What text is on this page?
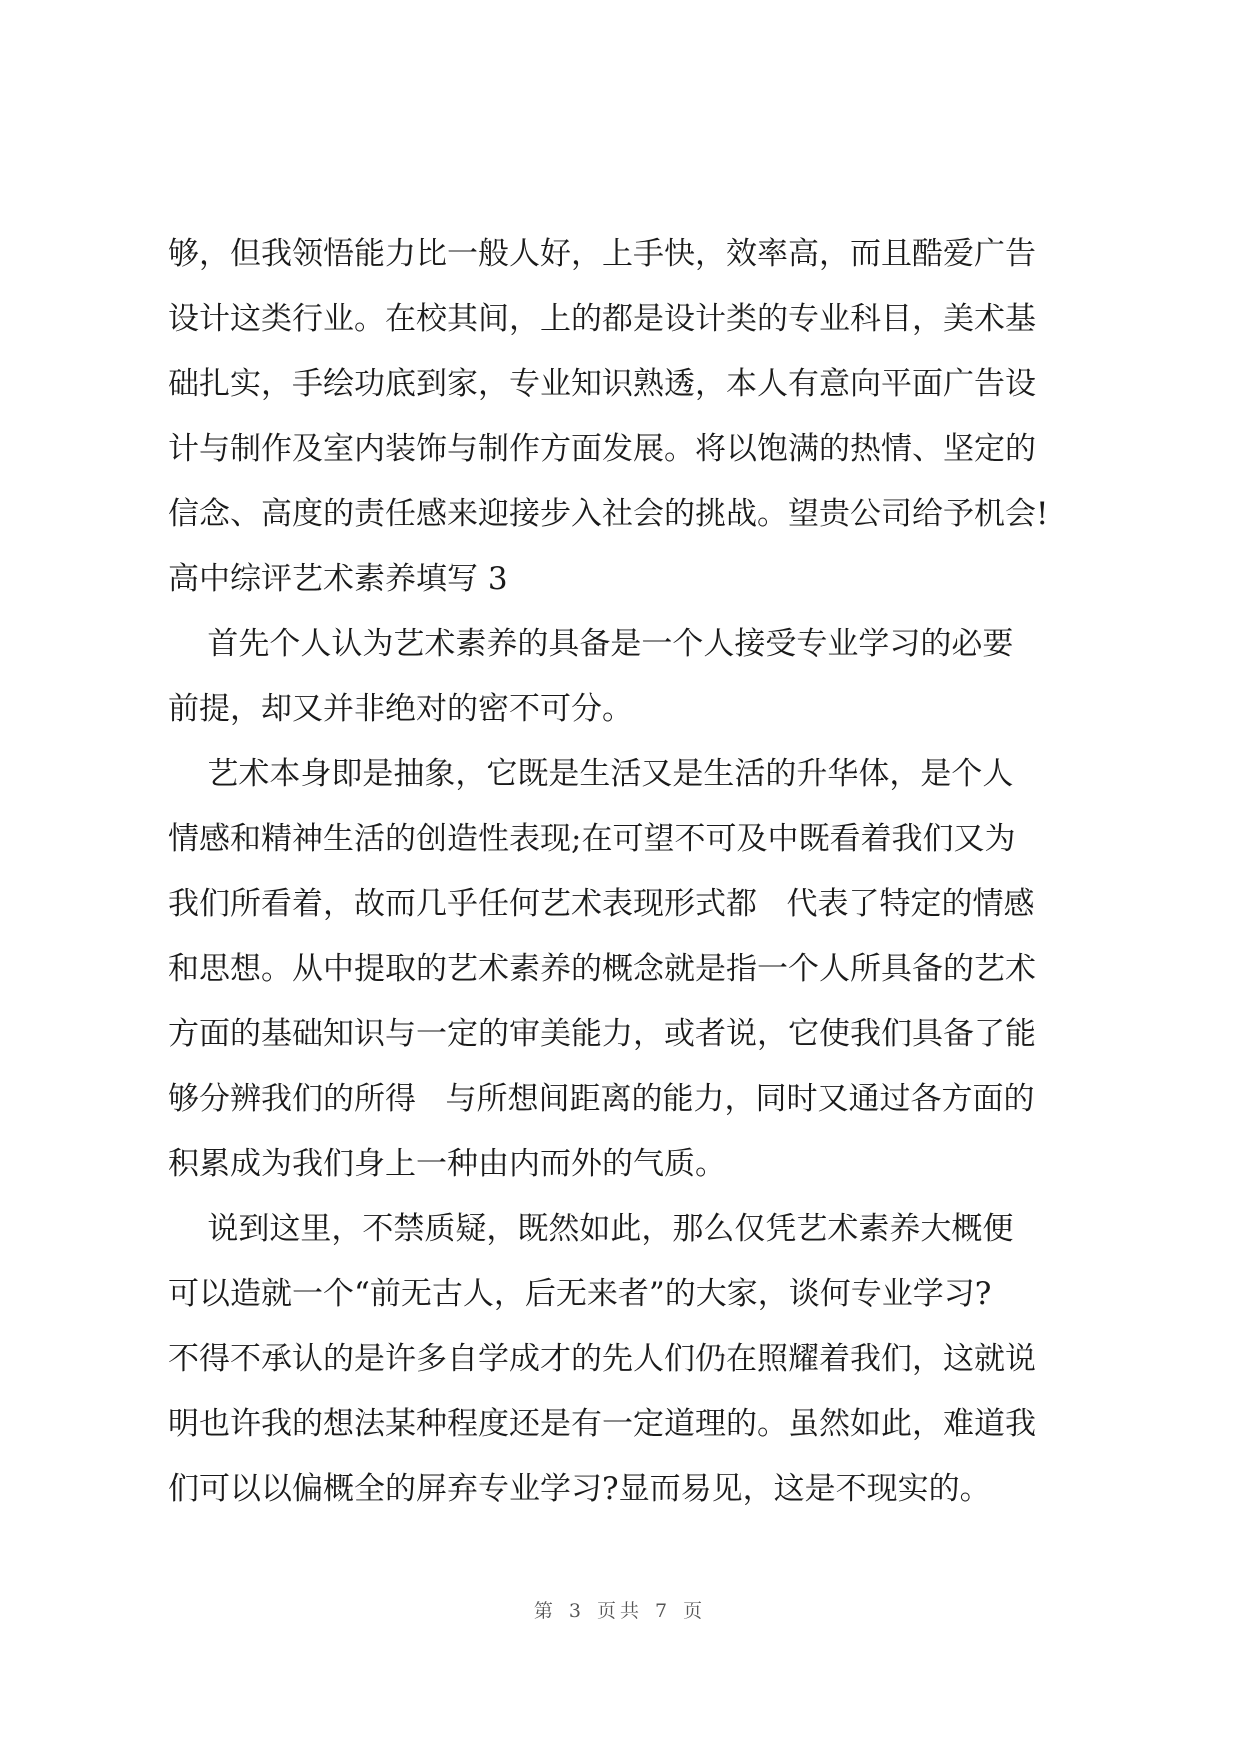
够，但我领悟能力比一般人好，上手快，效率高，而且酷爱广告
设计这类行业。在校其间，上的都是设计类的专业科目，美术基
础扎实，手绘功底到家，专业知识熟透，本人有意向平面广告设
计与制作及室内装饰与制作方面发展。将以饱满的热情、坚定的
信念、高度的责任感来迎接步入社会的挑战。望贵公司给予机会!
高中综评艺术素养填写 3
首先个人认为艺术素养的具备是一个人接受专业学习的必要
前提，却又并非绝对的密不可分。
艺术本身即是抽象，它既是生活又是生活的升华体，是个人
情感和精神生活的创造性表现;在可望不可及中既看着我们又为
我们所看着，故而几乎任何艺术表现形式都   代表了特定的情感
和思想。从中提取的艺术素养的概念就是指一个人所具备的艺术
方面的基础知识与一定的审美能力，或者说，它使我们具备了能
够分辨我们的所得   与所想间距离的能力，同时又通过各方面的
积累成为我们身上一种由内而外的气质。
说到这里，不禁质疑，既然如此，那么仅凭艺术素养大概便
可以造就一个“前无古人，后无来者”的大家，谈何专业学习?
不得不承认的是许多自学成才的先人们仍在照耀着我们，这就说
明也许我的想法某种程度还是有一定道理的。虽然如此，难道我
们可以以偏概全的屏弃专业学习?显而易见，这是不现实的。
第 3 页共 7 页
